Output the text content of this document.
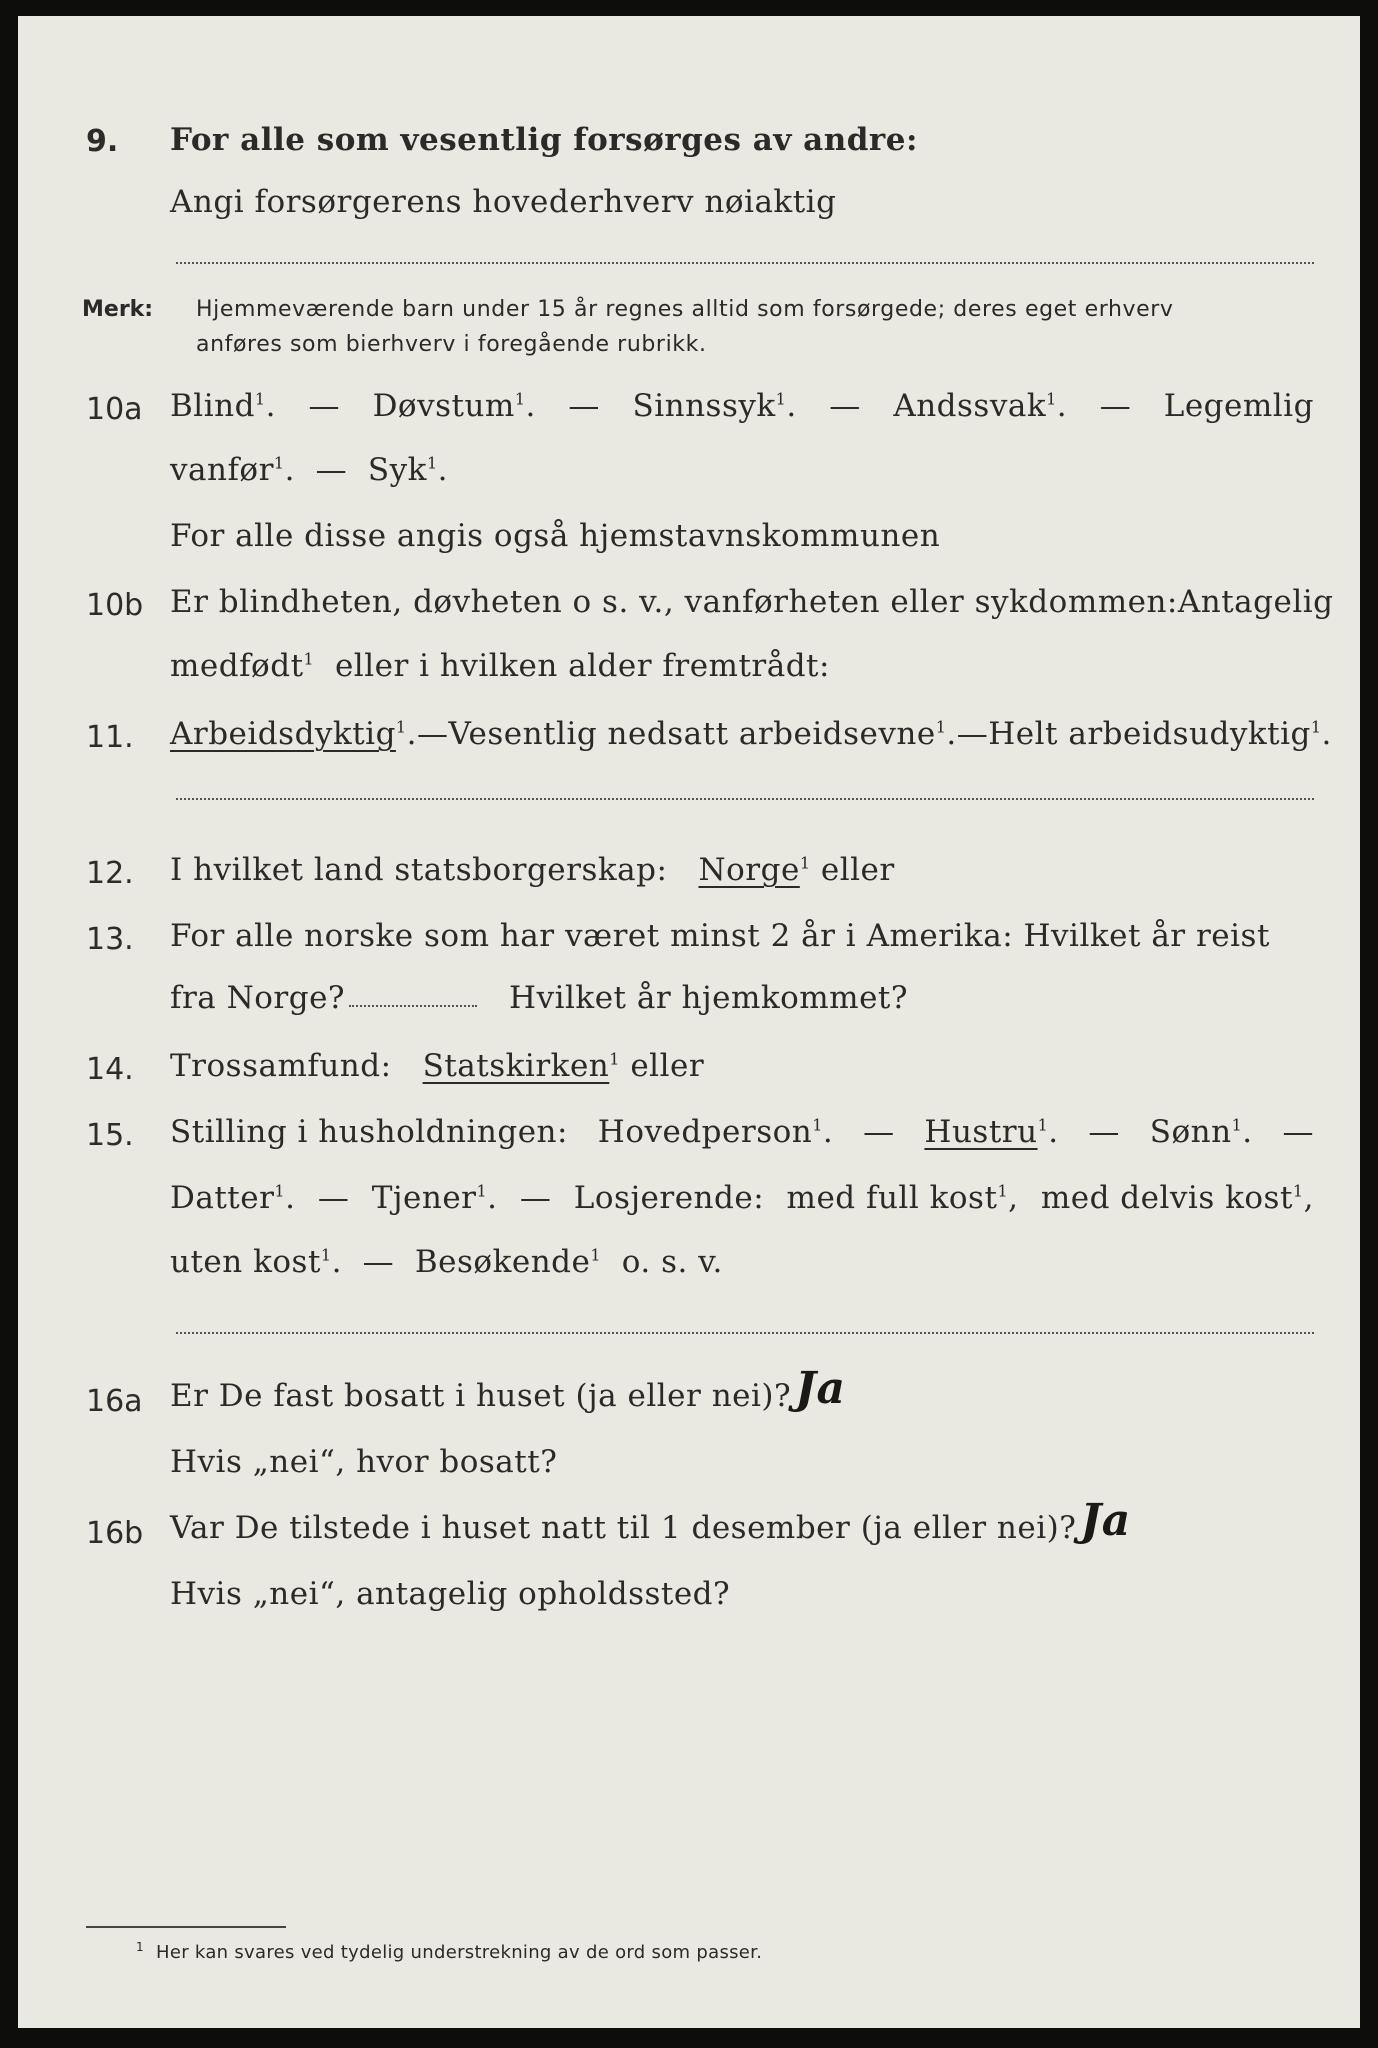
9.	For alle som vesentlig forsørges av andre:
Angi forsørgerens hovederhverv nøiaktig
Merk: Hjemmeværende barn under 15 år regnes alltid som forsørgede; deres eget erhverv
anføres som bierhverv i foregående rubrikk.
10a Blind$^1$. — Døvstum$^1$. — Sinnssyk$^1$. — Andssvak$^1$. — Legemlig
vanfør$^1$.  — Syk$^1$.
For alle disse angis også hjemstavnskommunen
10b Er blindheten, døvheten o s. v., vanførheten eller sykdommen: Antagelig
medfødt$^1$ eller i hvilken alder fremtrådt:
11.	Arbeidsdyktig$^1$. — Vesentlig nedsatt arbeidsevne$^1$. — Helt arbeidsudyktig$^1$.
12.	I hvilket land statsborgerskap:	Norge$^1$ eller
13.	For alle norske som har været minst 2 år i Amerika: Hvilket år reist
fra Norge?	Hvilket år hjemkommet?
14.	Trossamfund:	Statskirken$^1$ eller
15.	Stilling i husholdningen: Hovedperson$^1$. — Hustru$^1$. — Sønn$^1$. —
Datter$^1$. — Tjener$^1$. — Losjerende: med full kost$^1$, med delvis kost$^1$,
uten kost$^1$.  — Besøkende$^1$ o. s. v.
16a Er De fast bosatt i huset (ja eller nei)? Ja
Hvis „nei“, hvor bosatt?
16b Var De tilstede i huset natt til 1 desember (ja eller nei)? Ja
Hvis „nei“, antagelig opholdssted?
$^1$ Her kan svares ved tydelig understrekning av de ord som passer.
